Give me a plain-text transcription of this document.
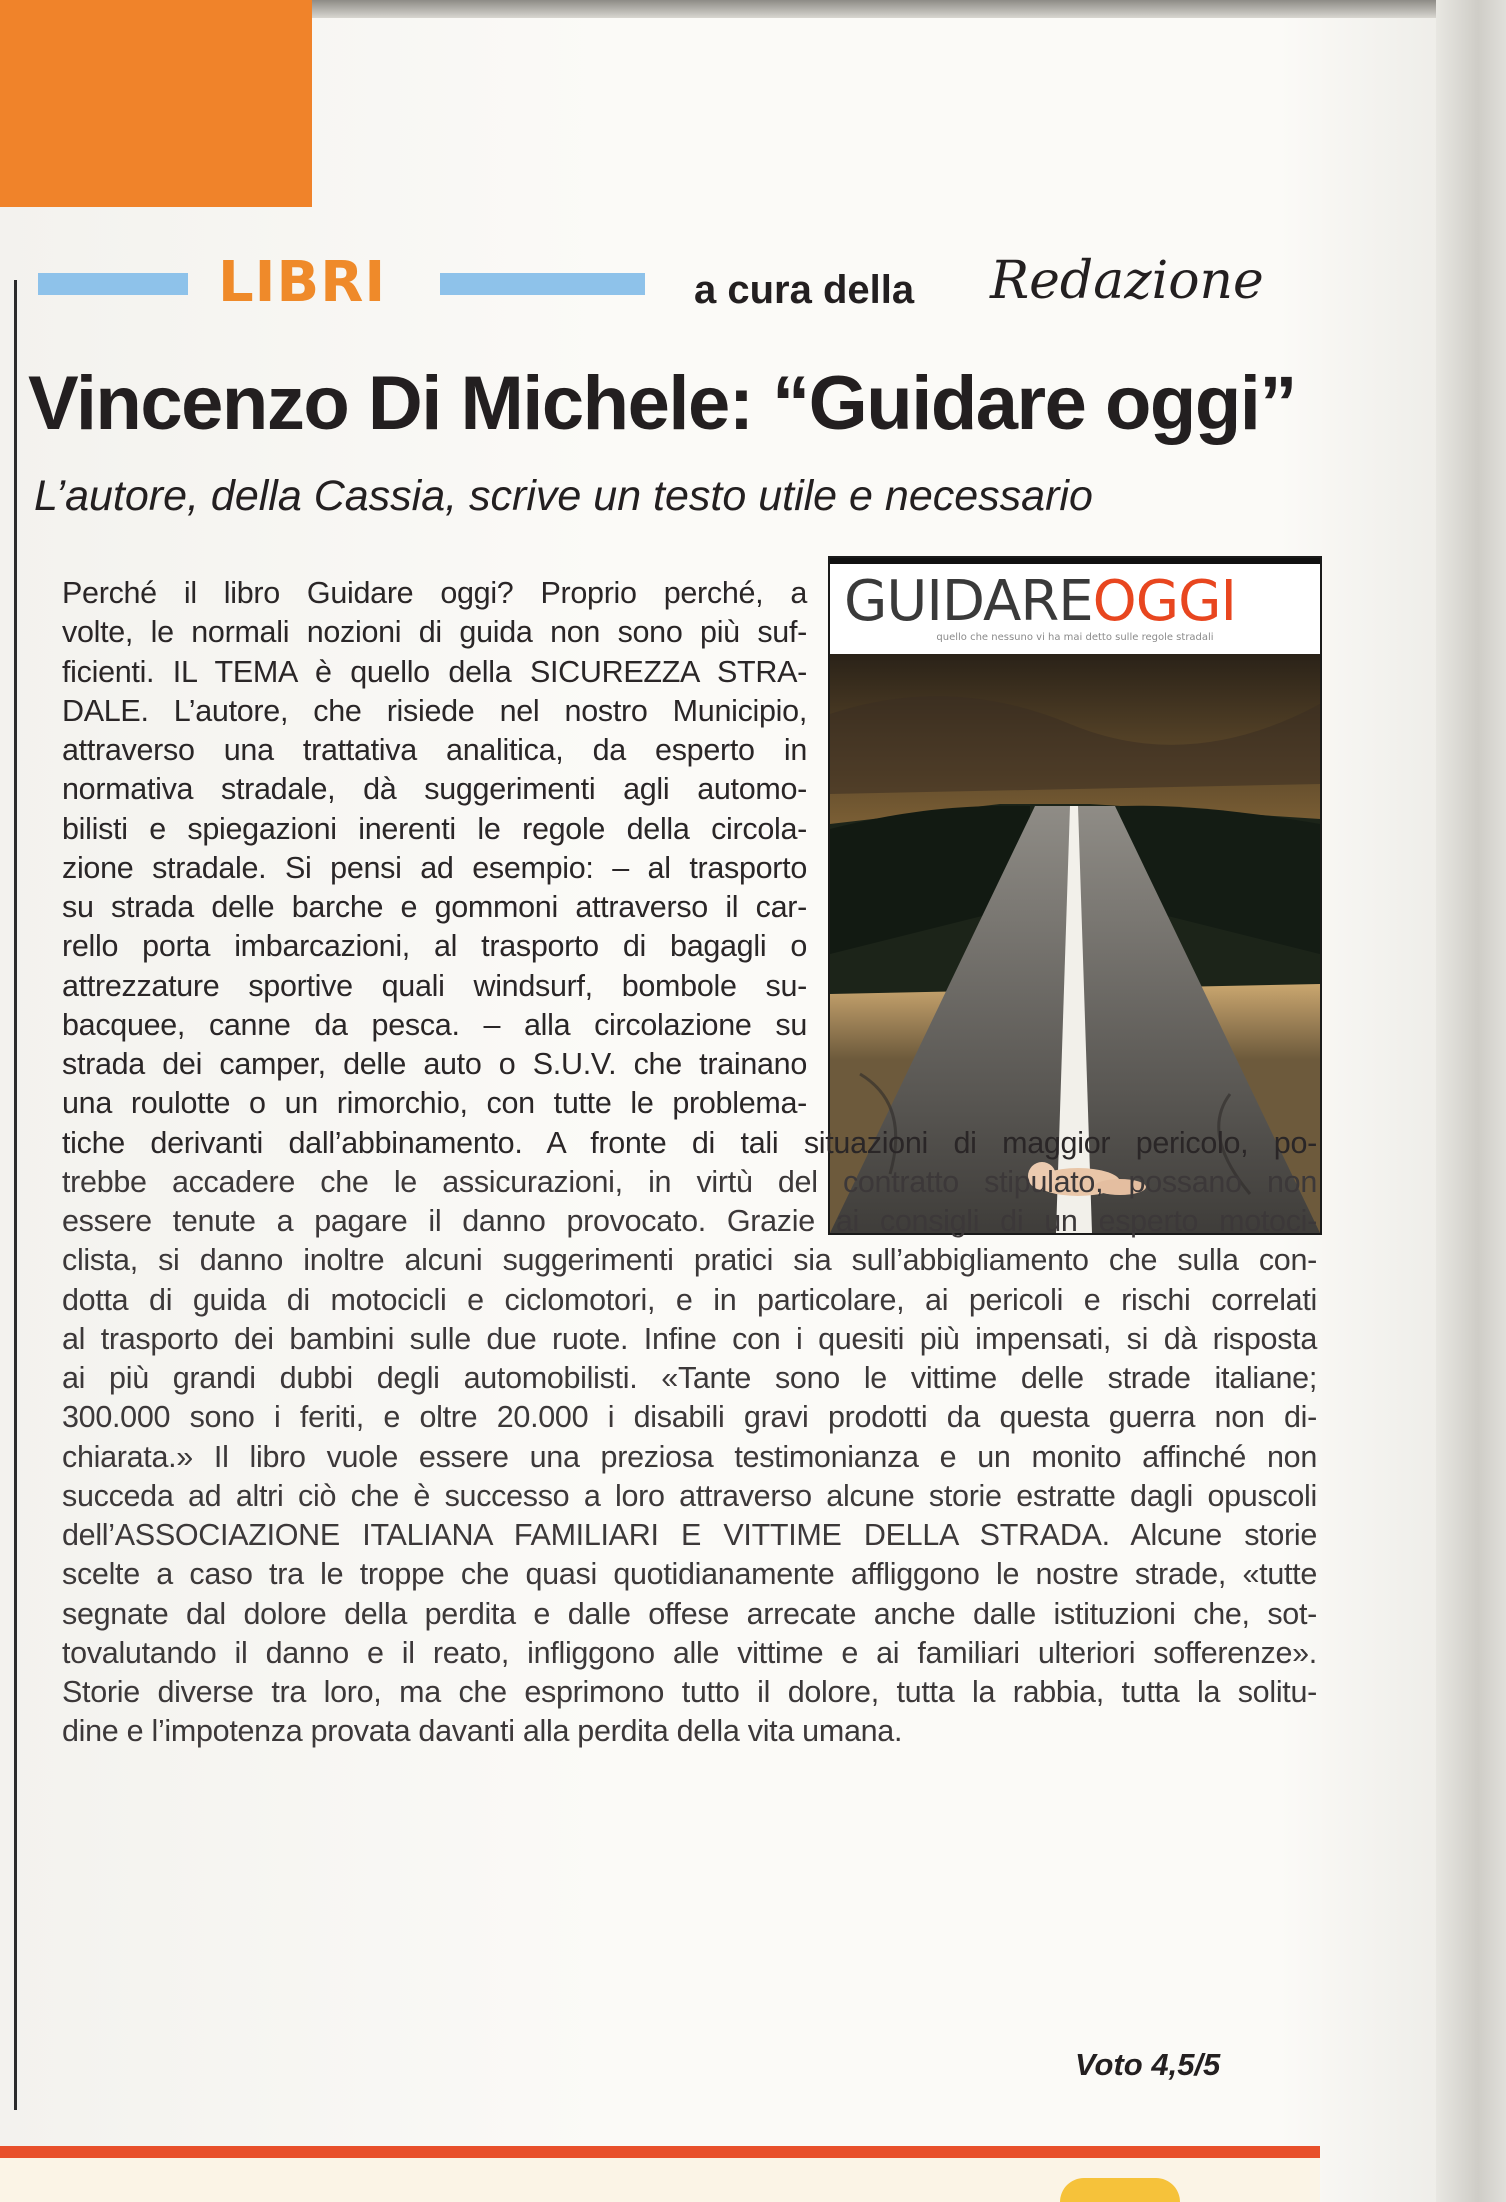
LIBRI	a cura della Redazione
Vincenzo Di Michele: “Guidare oggi”
L’autore, della Cassia, scrive un testo utile e necessario
GUIDAREOGGI
quello che nessuno vi ha mai detto sulle regole stradali
Perché il libro Guidare oggi? Proprio perché, a
volte, le normali nozioni di guida non sono più suf-
ficienti. IL TEMA è quello della SICUREZZA STRA-
DALE. L’autore, che risiede nel nostro Municipio,
attraverso una trattativa analitica, da esperto in
normativa stradale, dà suggerimenti agli automo-
bilisti e spiegazioni inerenti le regole della circola-
zione stradale. Si pensi ad esempio: – al trasporto
su strada delle barche e gommoni attraverso il car-
rello porta imbarcazioni, al trasporto di bagagli o
attrezzature sportive quali windsurf, bombole su-
bacquee, canne da pesca. – alla circolazione su
strada dei camper, delle auto o S.U.V. che trainano
una roulotte o un rimorchio, con tutte le problema-
tiche derivanti dall’abbinamento. A fronte di tali situazioni di maggior pericolo, po-
trebbe accadere che le assicurazioni, in virtù del contratto stipulato, possano non
essere tenute a pagare il danno provocato. Grazie ai consigli di un esperto motoci-
clista, si danno inoltre alcuni suggerimenti pratici sia sull’abbigliamento che sulla con-
dotta di guida di motocicli e ciclomotori, e in particolare, ai pericoli e rischi correlati
al trasporto dei bambini sulle due ruote. Infine con i quesiti più impensati, si dà risposta
ai più grandi dubbi degli automobilisti. «Tante sono le vittime delle strade italiane;
300.000 sono i feriti, e oltre 20.000 i disabili gravi prodotti da questa guerra non di-
chiarata.» Il libro vuole essere una preziosa testimonianza e un monito affinché non
succeda ad altri ciò che è successo a loro attraverso alcune storie estratte dagli opuscoli
dell’ASSOCIAZIONE ITALIANA FAMILIARI E VITTIME DELLA STRADA. Alcune storie
scelte a caso tra le troppe che quasi quotidianamente affliggono le nostre strade, «tutte
segnate dal dolore della perdita e dalle offese arrecate anche dalle istituzioni che, sot-
tovalutando il danno e il reato, infliggono alle vittime e ai familiari ulteriori sofferenze».
Storie diverse tra loro, ma che esprimono tutto il dolore, tutta la rabbia, tutta la solitu-
dine e l’impotenza provata davanti alla perdita della vita umana.
Voto 4,5/5
